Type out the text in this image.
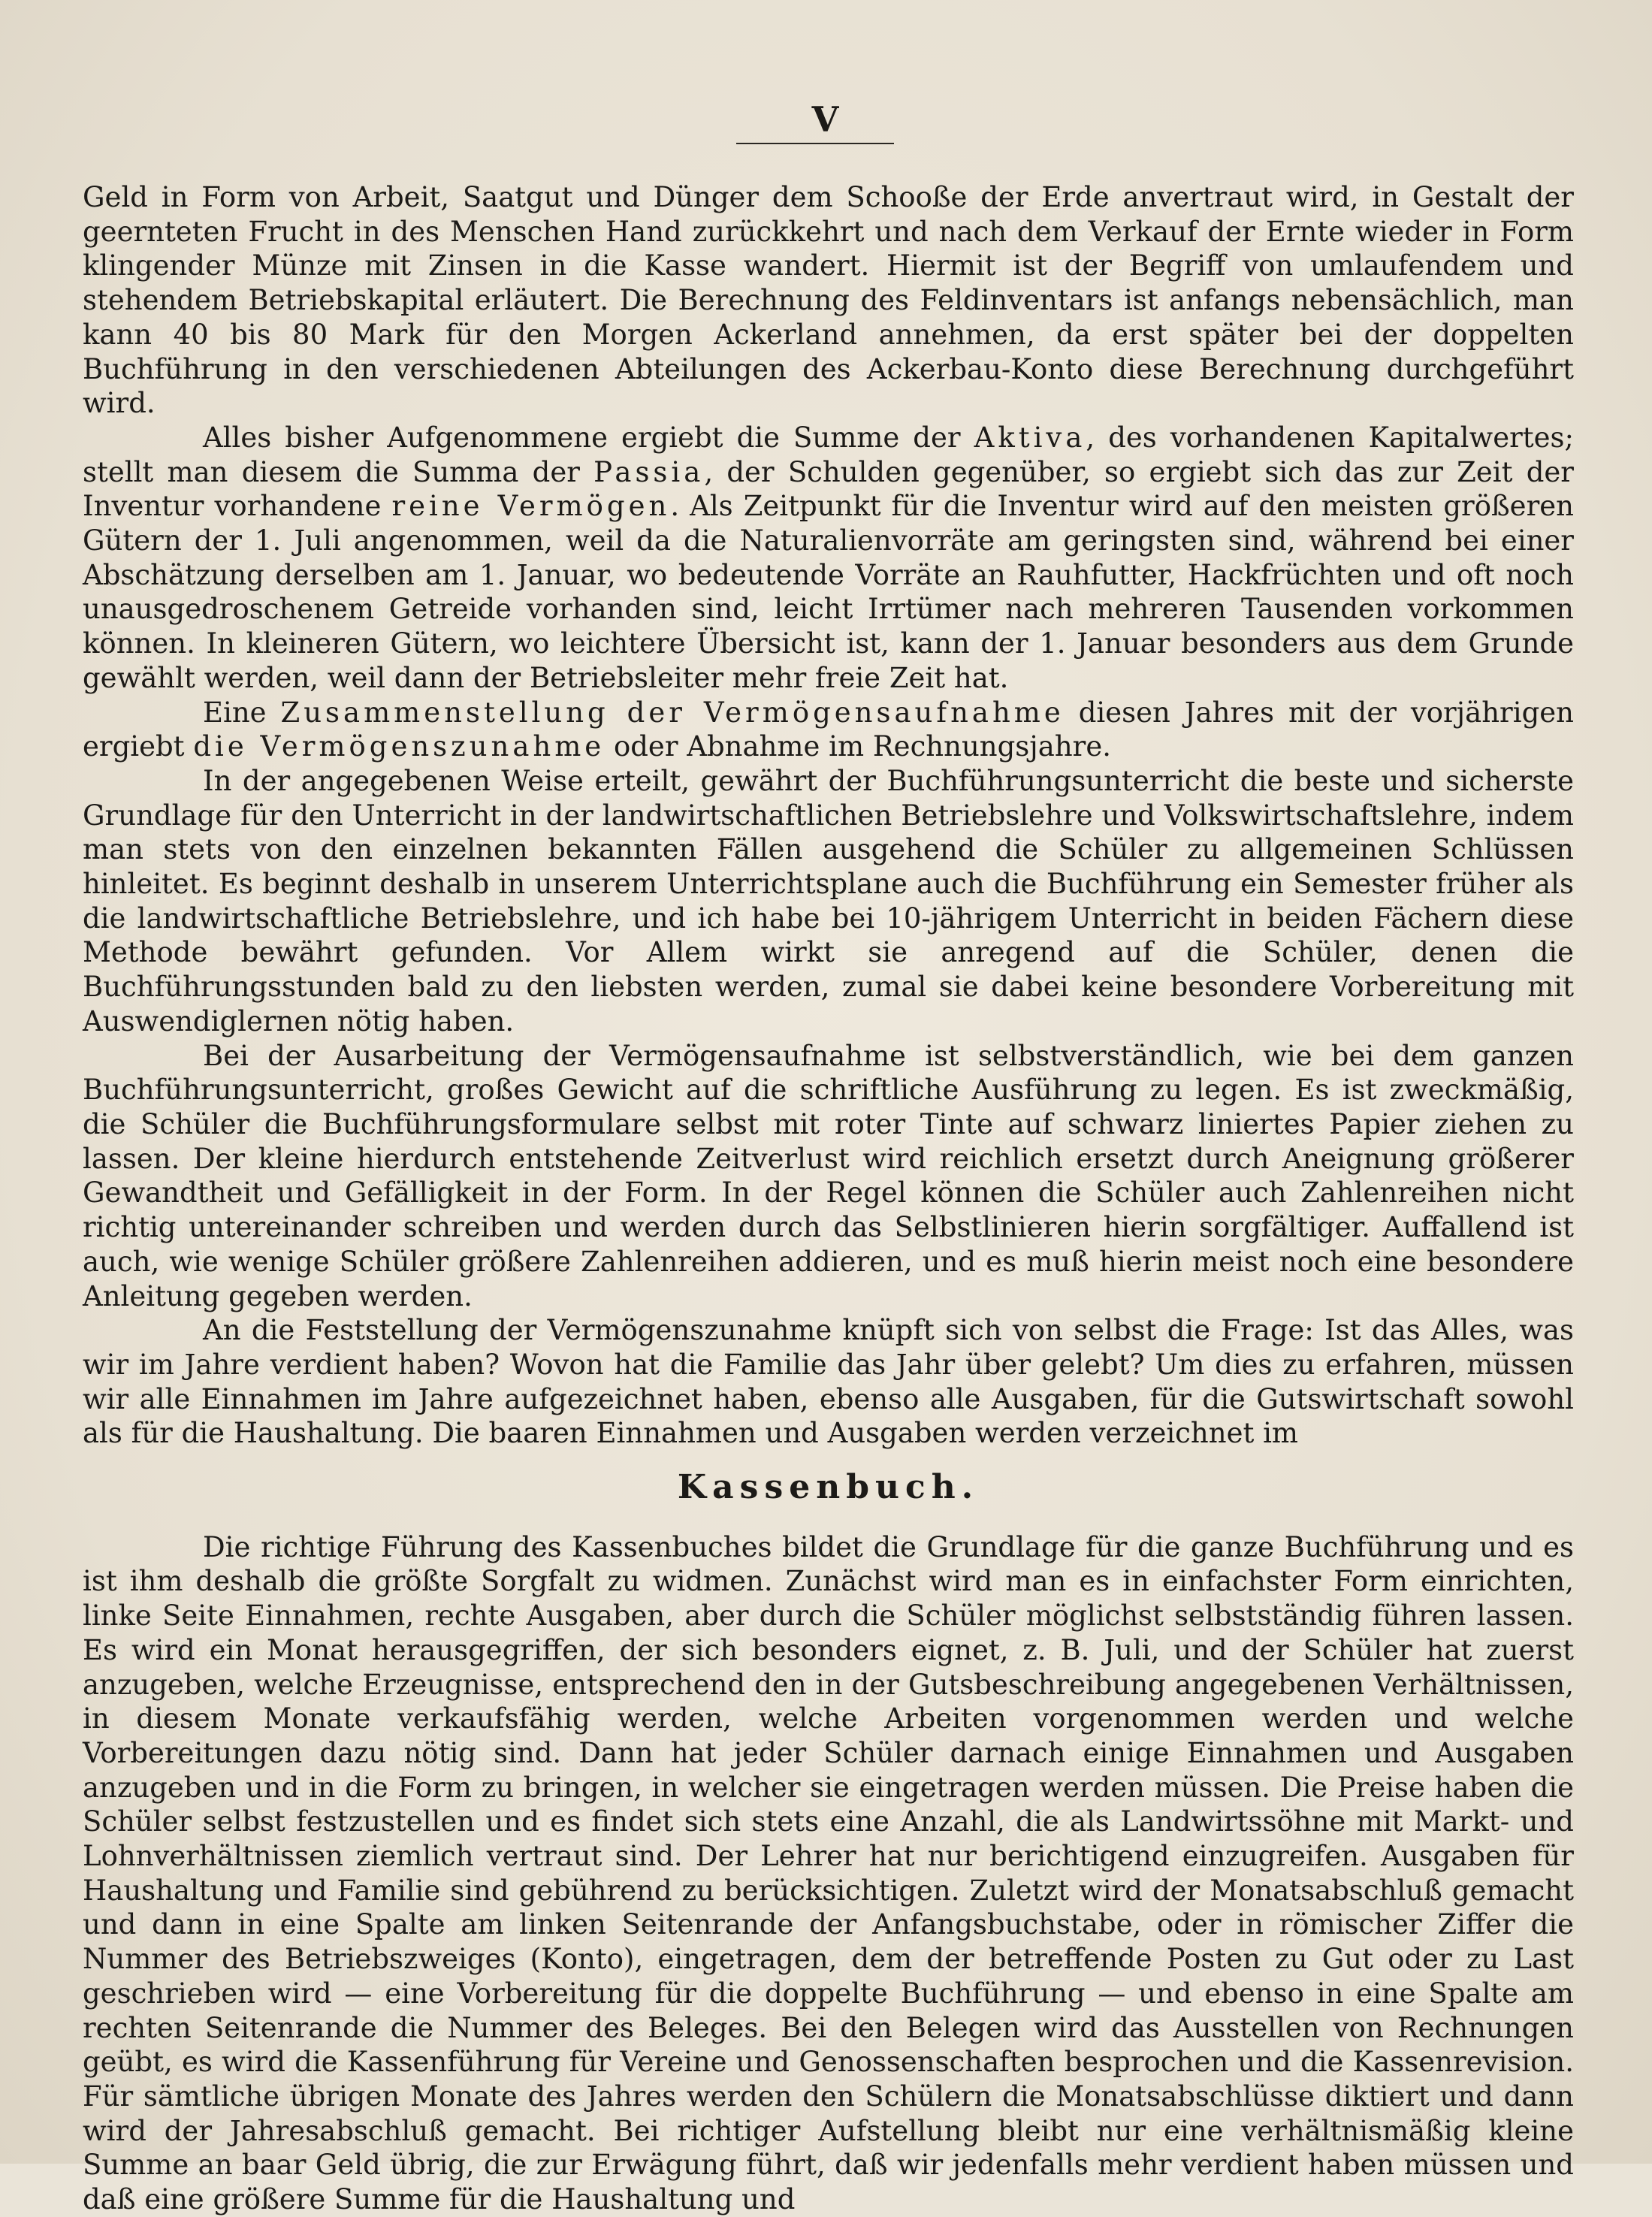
V

Geld in Form von Arbeit, Saatgut und Dünger dem Schooße der Erde anvertraut wird, in Gestalt der geernteten Frucht in des Menschen Hand zurückkehrt und nach dem Verkauf der Ernte wieder in Form klingender Münze mit Zinsen in die Kasse wandert. Hiermit ist der Begriff von umlaufendem und stehendem Betriebskapital erläutert. Die Berechnung des Feldinventars ist anfangs nebensächlich, man kann 40 bis 80 Mark für den Morgen Ackerland annehmen, da erst später bei der doppelten Buchführung in den verschiedenen Abteilungen des Ackerbau-Konto diese Berechnung durchgeführt wird.

Alles bisher Aufgenommene ergiebt die Summe der Aktiva, des vorhandenen Kapitalwertes; stellt man diesem die Summa der Passia, der Schulden gegenüber, so ergiebt sich das zur Zeit der Inventur vorhandene reine Vermögen. Als Zeitpunkt für die Inventur wird auf den meisten größeren Gütern der 1. Juli angenommen, weil da die Naturalienvorräte am geringsten sind, während bei einer Abschätzung derselben am 1. Januar, wo bedeutende Vorräte an Rauhfutter, Hackfrüchten und oft noch unausgedroschenem Getreide vorhanden sind, leicht Irrtümer nach mehreren Tausenden vorkommen können. In kleineren Gütern, wo leichtere Übersicht ist, kann der 1. Januar besonders aus dem Grunde gewählt werden, weil dann der Betriebsleiter mehr freie Zeit hat.

Eine Zusammenstellung der Vermögensaufnahme diesen Jahres mit der vorjährigen ergiebt die Vermögenszunahme oder Abnahme im Rechnungsjahre.

In der angegebenen Weise erteilt, gewährt der Buchführungsunterricht die beste und sicherste Grundlage für den Unterricht in der landwirtschaftlichen Betriebslehre und Volkswirtschaftslehre, indem man stets von den einzelnen bekannten Fällen ausgehend die Schüler zu allgemeinen Schlüssen hinleitet. Es beginnt deshalb in unserem Unterrichtsplane auch die Buchführung ein Semester früher als die landwirtschaftliche Betriebslehre, und ich habe bei 10-jährigem Unterricht in beiden Fächern diese Methode bewährt gefunden. Vor Allem wirkt sie anregend auf die Schüler, denen die Buchführungsstunden bald zu den liebsten werden, zumal sie dabei keine besondere Vorbereitung mit Auswendiglernen nötig haben.

Bei der Ausarbeitung der Vermögensaufnahme ist selbstverständlich, wie bei dem ganzen Buchführungsunterricht, großes Gewicht auf die schriftliche Ausführung zu legen. Es ist zweckmäßig, die Schüler die Buchführungsformulare selbst mit roter Tinte auf schwarz liniertes Papier ziehen zu lassen. Der kleine hierdurch entstehende Zeitverlust wird reichlich ersetzt durch Aneignung größerer Gewandtheit und Gefälligkeit in der Form. In der Regel können die Schüler auch Zahlenreihen nicht richtig untereinander schreiben und werden durch das Selbstlinieren hierin sorgfältiger. Auffallend ist auch, wie wenige Schüler größere Zahlenreihen addieren, und es muß hierin meist noch eine besondere Anleitung gegeben werden.

An die Feststellung der Vermögenszunahme knüpft sich von selbst die Frage: Ist das Alles, was wir im Jahre verdient haben? Wovon hat die Familie das Jahr über gelebt? Um dies zu erfahren, müssen wir alle Einnahmen im Jahre aufgezeichnet haben, ebenso alle Ausgaben, für die Gutswirtschaft sowohl als für die Haushaltung. Die baaren Einnahmen und Ausgaben werden verzeichnet im

Kassenbuch.

Die richtige Führung des Kassenbuches bildet die Grundlage für die ganze Buchführung und es ist ihm deshalb die größte Sorgfalt zu widmen. Zunächst wird man es in einfachster Form einrichten, linke Seite Einnahmen, rechte Ausgaben, aber durch die Schüler möglichst selbstständig führen lassen. Es wird ein Monat herausgegriffen, der sich besonders eignet, z. B. Juli, und der Schüler hat zuerst anzugeben, welche Erzeugnisse, entsprechend den in der Gutsbeschreibung angegebenen Verhältnissen, in diesem Monate verkaufsfähig werden, welche Arbeiten vorgenommen werden und welche Vorbereitungen dazu nötig sind. Dann hat jeder Schüler darnach einige Einnahmen und Ausgaben anzugeben und in die Form zu bringen, in welcher sie eingetragen werden müssen. Die Preise haben die Schüler selbst festzustellen und es findet sich stets eine Anzahl, die als Landwirtssöhne mit Markt- und Lohnverhältnissen ziemlich vertraut sind. Der Lehrer hat nur berichtigend einzugreifen. Ausgaben für Haushaltung und Familie sind gebührend zu berücksichtigen. Zuletzt wird der Monatsabschluß gemacht und dann in eine Spalte am linken Seitenrande der Anfangsbuchstabe, oder in römischer Ziffer die Nummer des Betriebszweiges (Konto), eingetragen, dem der betreffende Posten zu Gut oder zu Last geschrieben wird — eine Vorbereitung für die doppelte Buchführung — und ebenso in eine Spalte am rechten Seitenrande die Nummer des Beleges. Bei den Belegen wird das Ausstellen von Rechnungen geübt, es wird die Kassenführung für Vereine und Genossenschaften besprochen und die Kassenrevision. Für sämtliche übrigen Monate des Jahres werden den Schülern die Monatsabschlüsse diktiert und dann wird der Jahresabschluß gemacht. Bei richtiger Aufstellung bleibt nur eine verhältnismäßig kleine Summe an baar Geld übrig, die zur Erwägung führt, daß wir jedenfalls mehr verdient haben müssen und daß eine größere Summe für die Haushaltung und
